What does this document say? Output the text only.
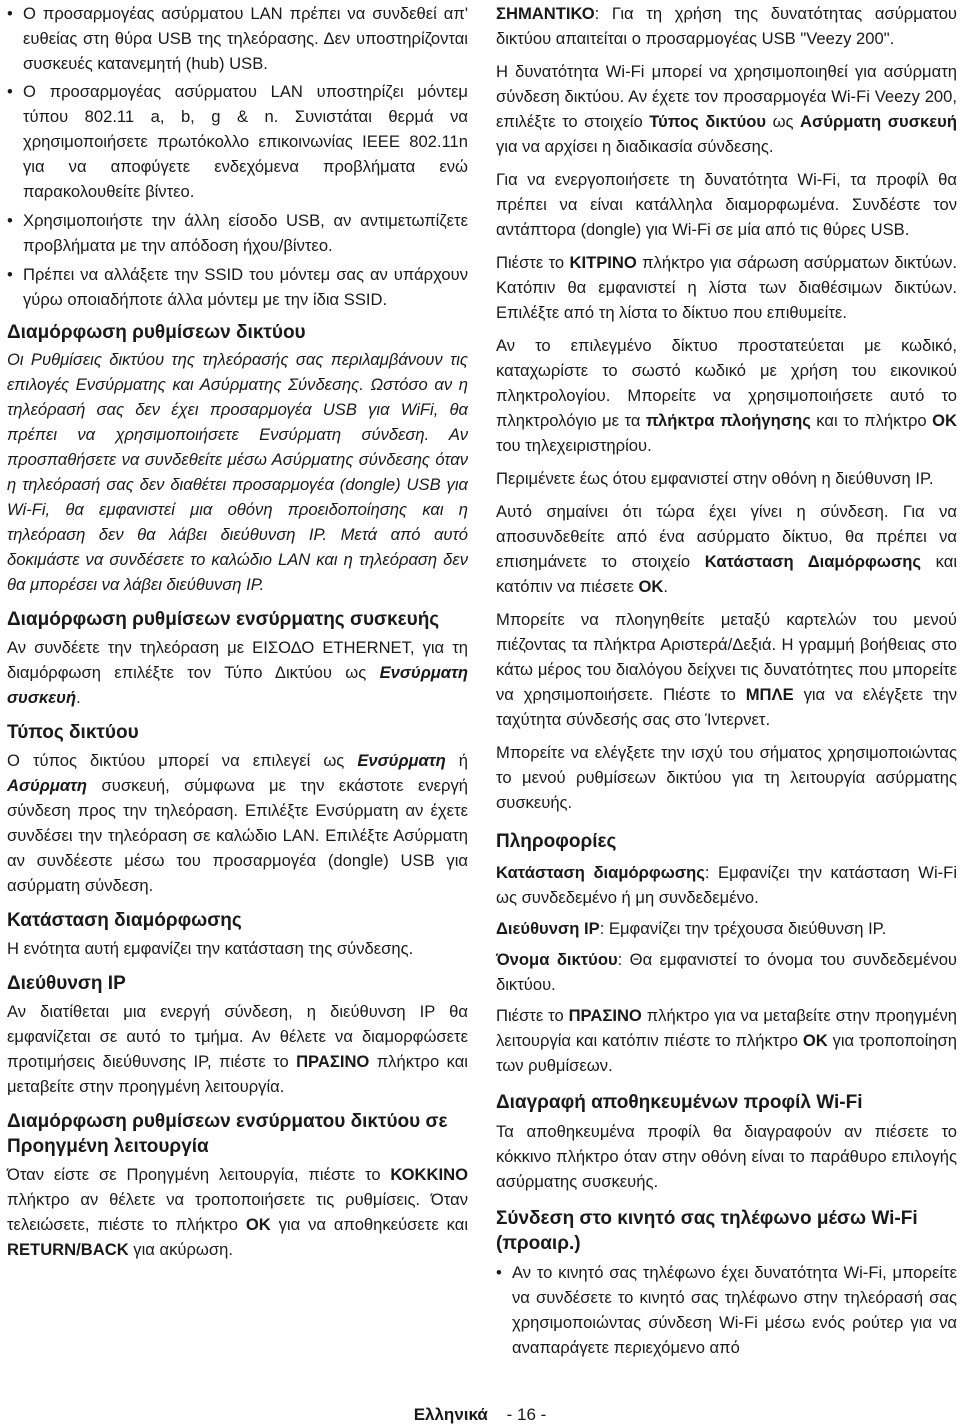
• Ο προσαρμογέας ασύρματου LAN πρέπει να συνδεθεί απ' ευθείας στη θύρα USB της τηλεόρασης. Δεν υποστηρίζονται συσκευές κατανεμητή (hub) USB.

• Ο προσαρμογέας ασύρματου LAN υποστηρίζει μόντεμ τύπου 802.11 a, b, g & n. Συνιστάται θερμά να χρησιμοποιήσετε πρωτόκολλο επικοινωνίας IEEE 802.11n για να αποφύγετε ενδεχόμενα προβλήματα ενώ παρακολουθείτε βίντεο.

• Χρησιμοποιήστε την άλλη είσοδο USB, αν αντιμετωπίζετε προβλήματα με την απόδοση ήχου/βίντεο.

• Πρέπει να αλλάξετε την SSID του μόντεμ σας αν υπάρχουν γύρω οποιαδήποτε άλλα μόντεμ με την ίδια SSID.

Διαμόρφωση ρυθμίσεων δικτύου

Οι Ρυθμίσεις δικτύου της τηλεόρασής σας περιλαμβάνουν τις επιλογές Ενσύρματης και Ασύρματης Σύνδεσης. Ωστόσο αν η τηλεόρασή σας δεν έχει προσαρμογέα USB για WiFi, θα πρέπει να χρησιμοποιήσετε Ενσύρματη σύνδεση. Αν προσπαθήσετε να συνδεθείτε μέσω Ασύρματης σύνδεσης όταν η τηλεόρασή σας δεν διαθέτει προσαρμογέα (dongle) USB για Wi-Fi, θα εμφανιστεί μια οθόνη προειδοποίησης και η τηλεόραση δεν θα λάβει διεύθυνση IP. Μετά από αυτό δοκιμάστε να συνδέσετε το καλώδιο LAN και η τηλεόραση δεν θα μπορέσει να λάβει διεύθυνση IP.

Διαμόρφωση ρυθμίσεων ενσύρματης συσκευής

Αν συνδέετε την τηλεόραση με ΕΙΣΟΔΟ ETHERNET, για τη διαμόρφωση επιλέξτε τον Τύπο Δικτύου ως Ενσύρματη συσκευή.

Τύπος δικτύου

Ο τύπος δικτύου μπορεί να επιλεγεί ως Ενσύρματη ή Ασύρματη συσκευή, σύμφωνα με την εκάστοτε ενεργή σύνδεση προς την τηλεόραση. Επιλέξτε Ενσύρματη αν έχετε συνδέσει την τηλεόραση σε καλώδιο LAN. Επιλέξτε Ασύρματη αν συνδέεστε μέσω του προσαρμογέα (dongle) USB για ασύρματη σύνδεση.

Κατάσταση διαμόρφωσης

Η ενότητα αυτή εμφανίζει την κατάσταση της σύνδεσης.

Διεύθυνση IP

Αν διατίθεται μια ενεργή σύνδεση, η διεύθυνση IP θα εμφανίζεται σε αυτό το τμήμα. Αν θέλετε να διαμορφώσετε προτιμήσεις διεύθυνσης IP, πιέστε το ΠΡΑΣΙΝΟ πλήκτρο και μεταβείτε στην προηγμένη λειτουργία.

Διαμόρφωση ρυθμίσεων ενσύρματου δικτύου σε Προηγμένη λειτουργία

Όταν είστε σε Προηγμένη λειτουργία, πιέστε το ΚΟΚΚΙΝΟ πλήκτρο αν θέλετε να τροποποιήσετε τις ρυθμίσεις. Όταν τελειώσετε, πιέστε το πλήκτρο OK για να αποθηκεύσετε και RETURN/BACK για ακύρωση.

ΣΗΜΑΝΤΙΚΟ: Για τη χρήση της δυνατότητας ασύρματου δικτύου απαιτείται ο προσαρμογέας USB "Veezy 200".

Η δυνατότητα Wi-Fi μπορεί να χρησιμοποιηθεί για ασύρματη σύνδεση δικτύου. Αν έχετε τον προσαρμογέα Wi-Fi Veezy 200, επιλέξτε το στοιχείο Τύπος δικτύου ως Ασύρματη συσκευή για να αρχίσει η διαδικασία σύνδεσης.

Για να ενεργοποιήσετε τη δυνατότητα Wi-Fi, τα προφίλ θα πρέπει να είναι κατάλληλα διαμορφωμένα. Συνδέστε τον αντάπτορα (dongle) για Wi-Fi σε μία από τις θύρες USB.

Πιέστε το ΚΙΤΡΙΝΟ πλήκτρο για σάρωση ασύρματων δικτύων. Κατόπιν θα εμφανιστεί η λίστα των διαθέσιμων δικτύων. Επιλέξτε από τη λίστα το δίκτυο που επιθυμείτε.

Αν το επιλεγμένο δίκτυο προστατεύεται με κωδικό, καταχωρίστε το σωστό κωδικό με χρήση του εικονικού πληκτρολογίου. Μπορείτε να χρησιμοποιήσετε αυτό το πληκτρολόγιο με τα πλήκτρα πλοήγησης και το πλήκτρο OK του τηλεχειριστηρίου.

Περιμένετε έως ότου εμφανιστεί στην οθόνη η διεύθυνση IP.

Αυτό σημαίνει ότι τώρα έχει γίνει η σύνδεση. Για να αποσυνδεθείτε από ένα ασύρματο δίκτυο, θα πρέπει να επισημάνετε το στοιχείο Κατάσταση Διαμόρφωσης και κατόπιν να πιέσετε OK.

Μπορείτε να πλοηγηθείτε μεταξύ καρτελών του μενού πιέζοντας τα πλήκτρα Αριστερά/Δεξιά. Η γραμμή βοήθειας στο κάτω μέρος του διαλόγου δείχνει τις δυνατότητες που μπορείτε να χρησιμοποιήσετε. Πιέστε το ΜΠΛΕ για να ελέγξετε την ταχύτητα σύνδεσής σας στο Ίντερνετ.

Μπορείτε να ελέγξετε την ισχύ του σήματος χρησιμοποιώντας το μενού ρυθμίσεων δικτύου για τη λειτουργία ασύρματης συσκευής.

Πληροφορίες

Κατάσταση διαμόρφωσης: Εμφανίζει την κατάσταση Wi-Fi ως συνδεδεμένο ή μη συνδεδεμένο.

Διεύθυνση IP: Εμφανίζει την τρέχουσα διεύθυνση IP.

Όνομα δικτύου: Θα εμφανιστεί το όνομα του συνδεδεμένου δικτύου.

Πιέστε το ΠΡΑΣΙΝΟ πλήκτρο για να μεταβείτε στην προηγμένη λειτουργία και κατόπιν πιέστε το πλήκτρο OK για τροποποίηση των ρυθμίσεων.

Διαγραφή αποθηκευμένων προφίλ Wi-Fi

Τα αποθηκευμένα προφίλ θα διαγραφούν αν πιέσετε το κόκκινο πλήκτρο όταν στην οθόνη είναι το παράθυρο επιλογής ασύρματης συσκευής.

Σύνδεση στο κινητό σας τηλέφωνο μέσω Wi-Fi (προαιρ.)

• Αν το κινητό σας τηλέφωνο έχει δυνατότητα Wi-Fi, μπορείτε να συνδέσετε το κινητό σας τηλέφωνο στην τηλεόρασή σας χρησιμοποιώντας σύνδεση Wi-Fi μέσω ενός ρούτερ για να αναπαράγετε περιεχόμενο από

Ελληνικά - 16 -
